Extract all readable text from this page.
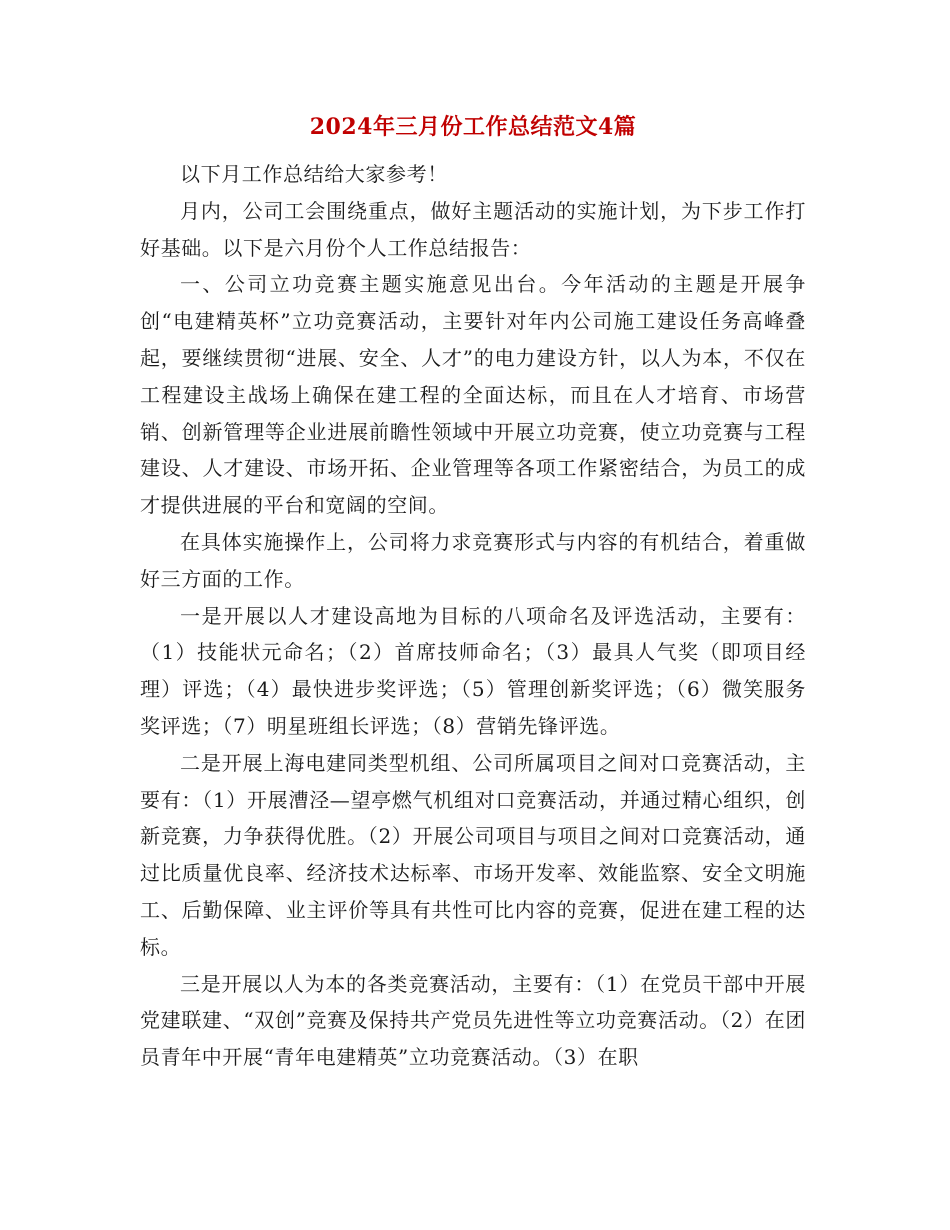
2024年三月份工作总结范文4篇

以下月工作总结给大家参考！

月内，公司工会围绕重点，做好主题活动的实施计划，为下步工作打好基础。以下是六月份个人工作总结报告：

一、公司立功竞赛主题实施意见出台。今年活动的主题是开展争创“电建精英杯”立功竞赛活动，主要针对年内公司施工建设任务高峰叠起，要继续贯彻“进展、安全、人才”的电力建设方针，以人为本，不仅在工程建设主战场上确保在建工程的全面达标，而且在人才培育、市场营销、创新管理等企业进展前瞻性领域中开展立功竞赛，使立功竞赛与工程建设、人才建设、市场开拓、企业管理等各项工作紧密结合，为员工的成才提供进展的平台和宽阔的空间。

在具体实施操作上，公司将力求竞赛形式与内容的有机结合，着重做好三方面的工作。

一是开展以人才建设高地为目标的八项命名及评选活动，主要有：（1）技能状元命名；（2）首席技师命名；（3）最具人气奖（即项目经理）评选；（4）最快进步奖评选；（5）管理创新奖评选；（6）微笑服务奖评选；（7）明星班组长评选；（8）营销先锋评选。

二是开展上海电建同类型机组、公司所属项目之间对口竞赛活动，主要有：（1）开展漕泾—望亭燃气机组对口竞赛活动，并通过精心组织，创新竞赛，力争获得优胜。（2）开展公司项目与项目之间对口竞赛活动，通过比质量优良率、经济技术达标率、市场开发率、效能监察、安全文明施工、后勤保障、业主评价等具有共性可比内容的竞赛，促进在建工程的达标。

三是开展以人为本的各类竞赛活动，主要有：（1）在党员干部中开展党建联建、“双创”竞赛及保持共产党员先进性等立功竞赛活动。（2）在团员青年中开展“青年电建精英”立功竞赛活动。（3）在职
